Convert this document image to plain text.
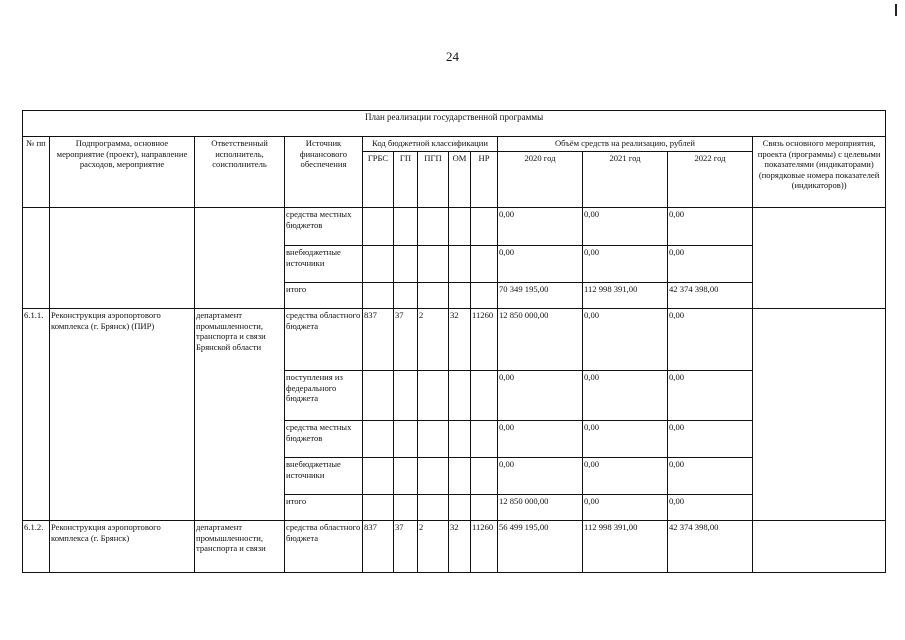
24
План реализации государственной программы												
№ пп	Подпрограмма, основное мероприятие (проект), направление расходов, мероприятие	Ответственный исполнитель, соисполнитель	Источник финансового обеспечения	Код бюджетной классификации					Объём средств на реализацию, рублей			Связь основного мероприятия, проекта (программы) с целевыми показателями (индикаторами) (порядковые номера показателей (индикаторов))
				ГРБС	ГП	ПГП	ОМ	НР	2020 год	2021 год	2022 год	
			средства местных бюджетов						0,00	0,00	0,00	
			внебюджетные источники						0,00	0,00	0,00	
			итого						70 349 195,00	112 998 391,00	42 374 398,00	
6.1.1.	Реконструкция аэропортового комплекса (г. Брянск) (ПИР)	департамент промышленности, транспорта и связи Брянской области	средства областного бюджета	837	37	2	32	11260	12 850 000,00	0,00	0,00	
			поступления из федерального бюджета						0,00	0,00	0,00	
			средства местных бюджетов						0,00	0,00	0,00	
			внебюджетные источники						0,00	0,00	0,00	
			итого						12 850 000,00	0,00	0,00	
6.1.2.	Реконструкция аэропортового комплекса (г. Брянск)	департамент промышленности, транспорта и связи	средства областного бюджета	837	37	2	32	11260	56 499 195,00	112 998 391,00	42 374 398,00	
